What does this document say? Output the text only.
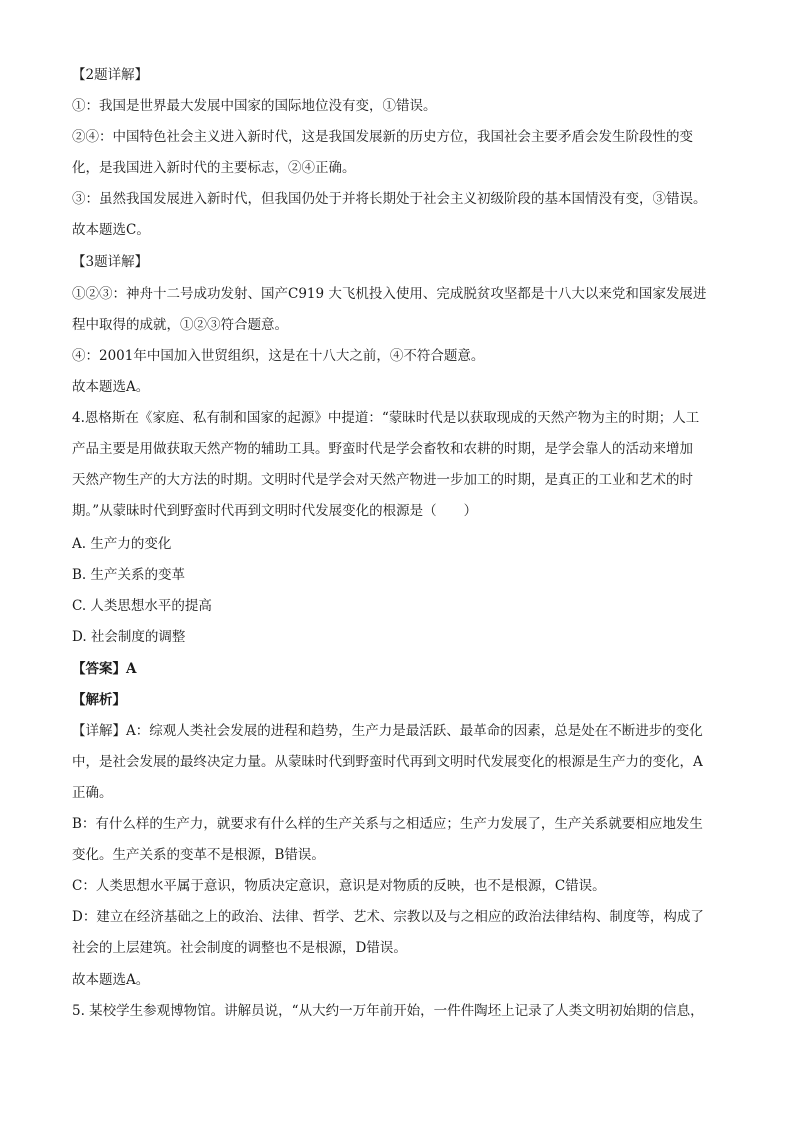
【2题详解】
①：我国是世界最大发展中国家的国际地位没有变，①错误。
②④：中国特色社会主义进入新时代，这是我国发展新的历史方位，我国社会主要矛盾会发生阶段性的变
化，是我国进入新时代的主要标志，②④正确。
③：虽然我国发展进入新时代，但我国仍处于并将长期处于社会主义初级阶段的基本国情没有变，③错误。
故本题选C。
【3题详解】
①②③：神舟十二号成功发射、国产C919 大飞机投入使用、完成脱贫攻坚都是十八大以来党和国家发展进
程中取得的成就，①②③符合题意。
④：2001年中国加入世贸组织，这是在十八大之前，④不符合题意。
故本题选A。
4.恩格斯在《家庭、私有制和国家的起源》中提道：“蒙昧时代是以获取现成的天然产物为主的时期；人工
产品主要是用做获取天然产物的辅助工具。野蛮时代是学会畜牧和农耕的时期，是学会靠人的活动来增加
天然产物生产的大方法的时期。文明时代是学会对天然产物进一步加工的时期，是真正的工业和艺术的时
期。”从蒙昧时代到野蛮时代再到文明时代发展变化的根源是（　　）
A. 生产力的变化
B. 生产关系的变革
C. 人类思想水平的提高
D. 社会制度的调整
【答案】A
【解析】
【详解】A：综观人类社会发展的进程和趋势，生产力是最活跃、最革命的因素，总是处在不断进步的变化
中，是社会发展的最终决定力量。从蒙昧时代到野蛮时代再到文明时代发展变化的根源是生产力的变化，A
正确。
B：有什么样的生产力，就要求有什么样的生产关系与之相适应；生产力发展了，生产关系就要相应地发生
变化。生产关系的变革不是根源，B错误。
C：人类思想水平属于意识，物质决定意识，意识是对物质的反映，也不是根源，C错误。
D：建立在经济基础之上的政治、法律、哲学、艺术、宗教以及与之相应的政治法律结构、制度等，构成了
社会的上层建筑。社会制度的调整也不是根源，D错误。
故本题选A。
5. 某校学生参观博物馆。讲解员说，“从大约一万年前开始，一件件陶坯上记录了人类文明初始期的信息，
